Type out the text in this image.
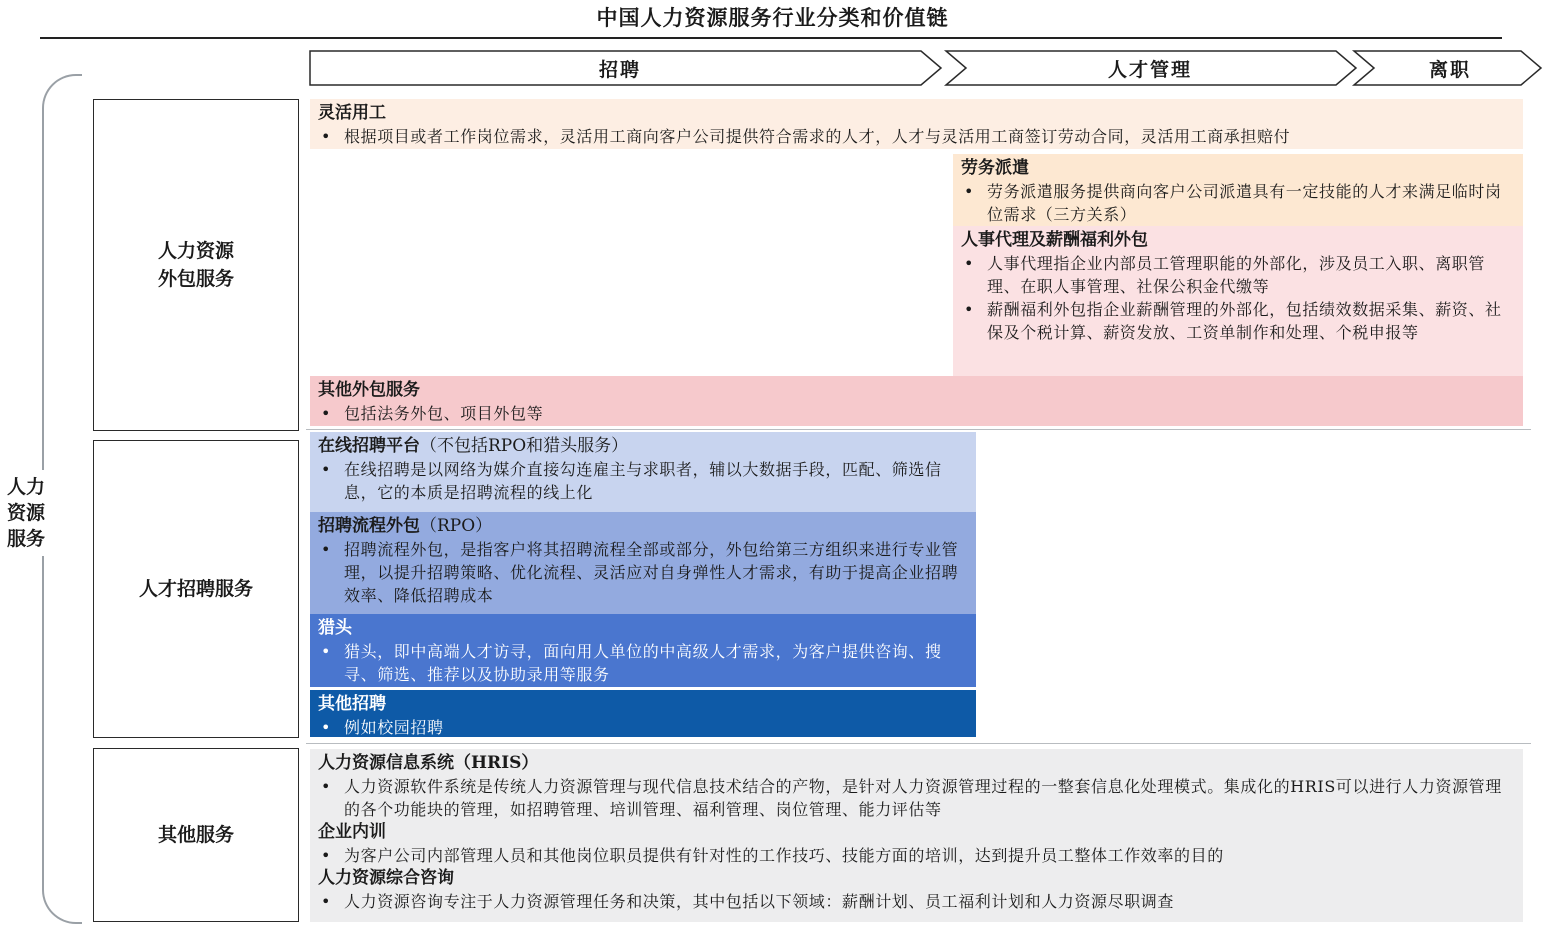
中国人力资源服务行业分类和价值链
人力
资源
服务
招聘	人才管理	离职
人力资源
外包服务
人才招聘服务
其他服务
灵活用工
• 根据项目或者工作岗位需求，灵活用工商向客户公司提供符合需求的人才，人才与灵活用工商签订劳动合同，灵活用工商承担赔付
劳务派遣
• 劳务派遣服务提供商向客户公司派遣具有一定技能的人才来满足临时岗位需求（三方关系）
人事代理及薪酬福利外包
• 人事代理指企业内部员工管理职能的外部化，涉及员工入职、离职管理、在职人事管理、社保公积金代缴等
• 薪酬福利外包指企业薪酬管理的外部化，包括绩效数据采集、薪资、社保及个税计算、薪资发放、工资单制作和处理、个税申报等
其他外包服务
• 包括法务外包、项目外包等
在线招聘平台（不包括RPO和猎头服务）
• 在线招聘是以网络为媒介直接勾连雇主与求职者，辅以大数据手段，匹配、筛选信息，它的本质是招聘流程的线上化
招聘流程外包（RPO）
• 招聘流程外包，是指客户将其招聘流程全部或部分，外包给第三方组织来进行专业管理，以提升招聘策略、优化流程、灵活应对自身弹性人才需求，有助于提高企业招聘效率、降低招聘成本
猎头
• 猎头，即中高端人才访寻，面向用人单位的中高级人才需求，为客户提供咨询、搜寻、筛选、推荐以及协助录用等服务
其他招聘
• 例如校园招聘
人力资源信息系统（HRIS）
• 人力资源软件系统是传统人力资源管理与现代信息技术结合的产物，是针对人力资源管理过程的一整套信息化处理模式。集成化的HRIS可以进行人力资源管理的各个功能块的管理，如招聘管理、培训管理、福利管理、岗位管理、能力评估等
企业内训
• 为客户公司内部管理人员和其他岗位职员提供有针对性的工作技巧、技能方面的培训，达到提升员工整体工作效率的目的
人力资源综合咨询
• 人力资源咨询专注于人力资源管理任务和决策，其中包括以下领域：薪酬计划、员工福利计划和人力资源尽职调查
